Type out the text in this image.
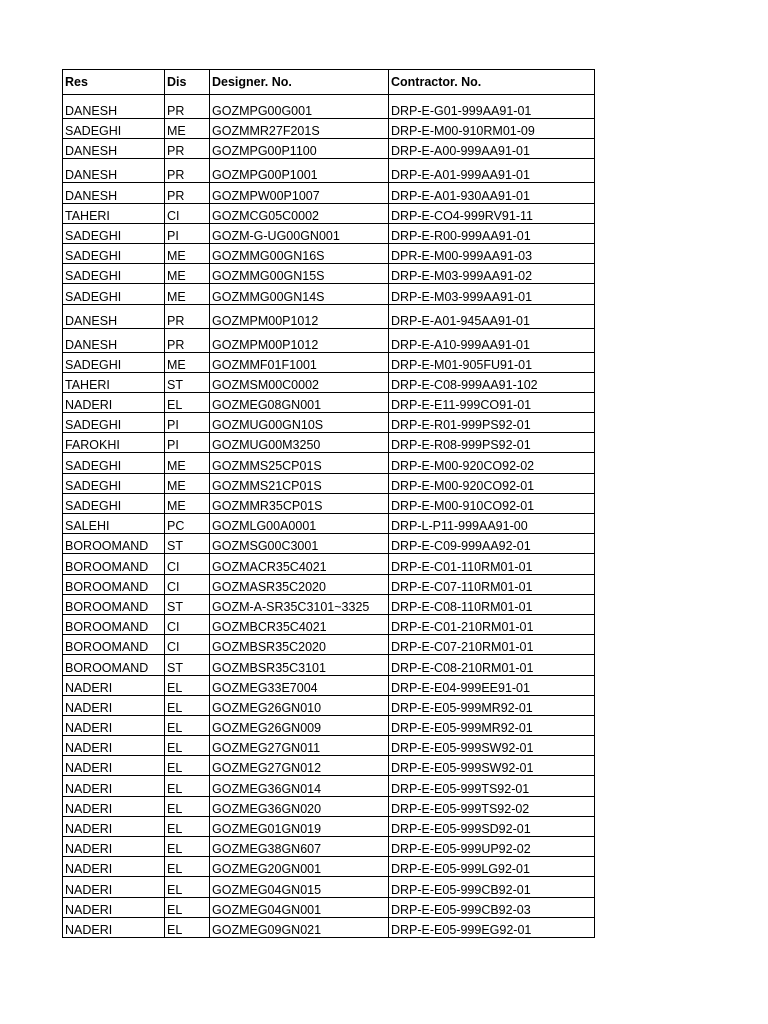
Res	Dis	Designer. No.	Contractor. No.
DANESH	PR	GOZMPG00G001	DRP-E-G01-999AA91-01
SADEGHI	ME	GOZMMR27F201S	DRP-E-M00-910RM01-09
DANESH	PR	GOZMPG00P1100	DRP-E-A00-999AA91-01
DANESH	PR	GOZMPG00P1001	DRP-E-A01-999AA91-01
DANESH	PR	GOZMPW00P1007	DRP-E-A01-930AA91-01
TAHERI	CI	GOZMCG05C0002	DRP-E-CO4-999RV91-11
SADEGHI	PI	GOZM-G-UG00GN001	DRP-E-R00-999AA91-01
SADEGHI	ME	GOZMMG00GN16S	DPR-E-M00-999AA91-03
SADEGHI	ME	GOZMMG00GN15S	DRP-E-M03-999AA91-02
SADEGHI	ME	GOZMMG00GN14S	DRP-E-M03-999AA91-01
DANESH	PR	GOZMPM00P1012	DRP-E-A01-945AA91-01
DANESH	PR	GOZMPM00P1012	DRP-E-A10-999AA91-01
SADEGHI	ME	GOZMMF01F1001	DRP-E-M01-905FU91-01
TAHERI	ST	GOZMSM00C0002	DRP-E-C08-999AA91-102
NADERI	EL	GOZMEG08GN001	DRP-E-E11-999CO91-01
SADEGHI	PI	GOZMUG00GN10S	DRP-E-R01-999PS92-01
FAROKHI	PI	GOZMUG00M3250	DRP-E-R08-999PS92-01
SADEGHI	ME	GOZMMS25CP01S	DRP-E-M00-920CO92-02
SADEGHI	ME	GOZMMS21CP01S	DRP-E-M00-920CO92-01
SADEGHI	ME	GOZMMR35CP01S	DRP-E-M00-910CO92-01
SALEHI	PC	GOZMLG00A0001	DRP-L-P11-999AA91-00
BOROOMAND	ST	GOZMSG00C3001	DRP-E-C09-999AA92-01
BOROOMAND	CI	GOZMACR35C4021	DRP-E-C01-110RM01-01
BOROOMAND	CI	GOZMASR35C2020	DRP-E-C07-110RM01-01
BOROOMAND	ST	GOZM-A-SR35C3101~3325	DRP-E-C08-110RM01-01
BOROOMAND	CI	GOZMBCR35C4021	DRP-E-C01-210RM01-01
BOROOMAND	CI	GOZMBSR35C2020	DRP-E-C07-210RM01-01
BOROOMAND	ST	GOZMBSR35C3101	DRP-E-C08-210RM01-01
NADERI	EL	GOZMEG33E7004	DRP-E-E04-999EE91-01
NADERI	EL	GOZMEG26GN010	DRP-E-E05-999MR92-01
NADERI	EL	GOZMEG26GN009	DRP-E-E05-999MR92-01
NADERI	EL	GOZMEG27GN011	DRP-E-E05-999SW92-01
NADERI	EL	GOZMEG27GN012	DRP-E-E05-999SW92-01
NADERI	EL	GOZMEG36GN014	DRP-E-E05-999TS92-01
NADERI	EL	GOZMEG36GN020	DRP-E-E05-999TS92-02
NADERI	EL	GOZMEG01GN019	DRP-E-E05-999SD92-01
NADERI	EL	GOZMEG38GN607	DRP-E-E05-999UP92-02
NADERI	EL	GOZMEG20GN001	DRP-E-E05-999LG92-01
NADERI	EL	GOZMEG04GN015	DRP-E-E05-999CB92-01
NADERI	EL	GOZMEG04GN001	DRP-E-E05-999CB92-03
NADERI	EL	GOZMEG09GN021	DRP-E-E05-999EG92-01
